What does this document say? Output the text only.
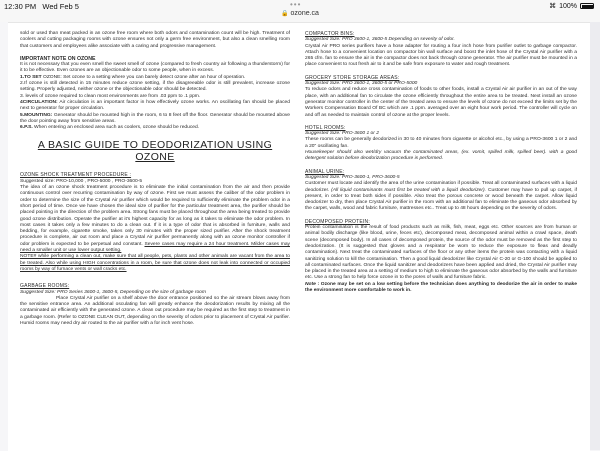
12:30 PM Wed Feb 5	•••
🔒 ozone.ca
⌘ 100%

sold or used than meat packed in an ozone free room where both odors and contamination count will be high. Treatment of coolers and cutting packaging rooms with ozone ensures not only a germ free environment, but also a clean smelling room that customers and employees alike associate with a caring and progressive management.

IMPORTANT NOTE ON OZONE

It is not necessary that you even smell the sweet smell of ozone (compared to fresh country air following a thunderstorm) for it to be effective. Even ozones are an objectionable odor to some people, when in excess.

1.TO SET OZONE: Set ozone to a setting where you can barely detect ozone after an hour of operation.

2.If ozone is still detected in 15 minutes reduce ozone setting, if the disagreeable odor is still prevalent, increase ozone setting. Properly adjusted, neither ozone or the objectionable odor should be detected.

3. levels of ozone required to clean most environments are from .03 ppm to .1 ppm.

4CIRCULATION: Air circulation is an important factor in how effectively ozone works. An oscillating fan should be placed next to generator for proper circulation.

5.MOUNTING: Generator should be mounted high in the room, 6 to 8 feet off the floor. Generator should be mounted above the door pointing away from sensitive areas.

6.P.S. When entering an enclosed area such as coolers, ozone should be reduced.

A BASIC GUIDE TO DEODORIZATION USING OZONE

OZONE SHOCK TREATMENT PROCEDURE :

Suggested size: PRO-10,000 , PRO-5000 , PRO-3600-5

The idea of an ozone shock treatment procedure is to eliminate the initial contamination from the air and then provide continuous control over recurring contamination by way of ozone. First we must assess the caliber of the odor problem in order to determine the size of the Crystal Air purifier which would be required to sufficiently eliminate the problem odor in a short period of time. Once we have chosen the ideal size of purifier for the particular treatment area, the purifier should be placed pointing in the direction of the problem area. Strong fans must be placed throughout the area being treated to provide good ozone distribution. Operate the purifier at it's highest capacity for as long as it takes to eliminate the odor problem. In most cases it takes only a few minutes to do a clean out. If it is a type of odor that is absorbed in furniture, walls and bedding, for example, cigarette smoke, takes only 30 minutes with the proper sized purifier. After the shock treatment procedure is complete, air out room and place a Crystal Air purifier permanently along with an ozone monitor controller if odor problem is expected to be perpetual and constant. Severe cases may require a 24 hour treatment. Milder cases may need a smaller unit or use lower output setting.

NOTE# while performing a clean out, make sure that all people, pets, plants and other animals are vacant from the area to be treated. Also while using HIGH concentrations in a room, be sure that ozone does not leak into connected or occupied rooms by way of furnace vents or wall cracks etc.

GARBAGE ROOMS:

Suggested Size: PRO Series 3600-1, 3600-5, Depending on the size of garbage room

Place Crystal Air purifier on a shelf above the door entrance positioned so the air stream blows away from the sensitive entrance area. An additional osculating fan will greatly enhance the deodorization results by mixing all the contaminated air efficiently with the generated ozone. A clean out procedure may be required as the first step to treatment in a garbage room. (Refer to OZONE CLEAN OUT, depending on the severity of odors prior to placement of Crystal Air purifier. Humid rooms may need dry air routed to the air purifier with a for inch vent hose.

COMPACTOR BINS:

Suggested Size: PRO 3600-1, 3600-5 Depending on severity of odor.

Crystal Air PRO series purifiers have a hose adapter for routing a four inch hose from purifier outlet to garbage compactor. Attach hose to a convenient location on compactor bin wall surface and boost the inlet hose of the Crystal Air purifier with a 265 cfm. fan to ensure the air in the compactor does not back through ozone generator. The air purifier must be mounted in a place convenient to rout fresh air to it and be safe from exposure to water and rough treatment.

GROCERY STORE STORAGE AREAS:

Suggested Size: PRO 3600-1, 3600-5 or PRO-5000

To reduce odors and reduce cross contamination of foods to other foods, install a Crystal Air air purifier in an out of the way place, with an additional fan to circulate the ozone efficiently throughout the entire area to be treated. Next install an ozone generator monitor controller in the center of the treated area to ensure the levels of ozone do not exceed the limits set by the Workers Compensation Board Of BC which are .1 ppm. averaged over an eight hour work period. The controller will cycle on and off as needed to maintain control of ozone at the proper levels.

HOTEL ROOMS:

Suggested Size: PRO-3600 1 or 2

These rooms can be generally deodorized in 30 to 40 minutes from cigarette or alcohol etc., by using a PRO-3600 1 or 2 and a 20" oscillating fan.

Housekeeper should also wet/dry vacuum the contaminated areas, (ex. vomit, spilled milk, spilled beer). with a good detergent solution before deodorization procedure is performed.

ANIMAL URINE:

Suggested Size: PRO-3600-1, PRO-3600-5

Customer must locate and identify the area of the urine contamination if possible. Treat all contaminated surfaces with a liquid deodorizer. (All liquid contaminants must first be treated with a liquid deodorizer). Customer may have to pull up carpet, if present, in order to treat both sides if possible. Also treat the porous concrete or wood beneath the carpet. Allow liquid deodorizer to dry, then place Crystal Air purifier in the room with an additional fan to eliminate the gaseous odor absorbed by the carpet, walls, wood and fabric furniture, mattresses etc.. Treat up to 48 hours depending on the severity of odors.

DECOMPOSED PROTEIN:

Protein contamination is the result of food products such as milk, fish, meat, eggs etc. Other sources are from human or animal bodily discharge (like blood, urine, feces etc), decomposed meat, decomposed animal within a crawl space, death scene (decomposed body). In all cases of decomposed protein, the source of the odor must be removed as the first step to deodorization. (It is suggested that gloves and a respirator be worn to reduce the exposure to fleas and deadly contamination). Next treat the contaminated surfaces of the floor or any other items the protein was contacting with a liquid sanitizing solution to kill the contamination. Then a good liquid deodorizer like Crystal Air C-20 or G-100 should be applied to all contaminated surfaces. Once the liquid sanitizer and deodorizers have been applied and dried, the Crystal Air purifier may be placed in the treated area at a setting of medium to high to eliminate the gaseous odor absorbed by the walls and furniture etc. Use a strong fan to help force ozone in to the pores of walls and furniture fabric.

Note : Ozone may be set on a low setting before the technician does anything to deodorize the air in order to make the environment more comfortable to work in.
